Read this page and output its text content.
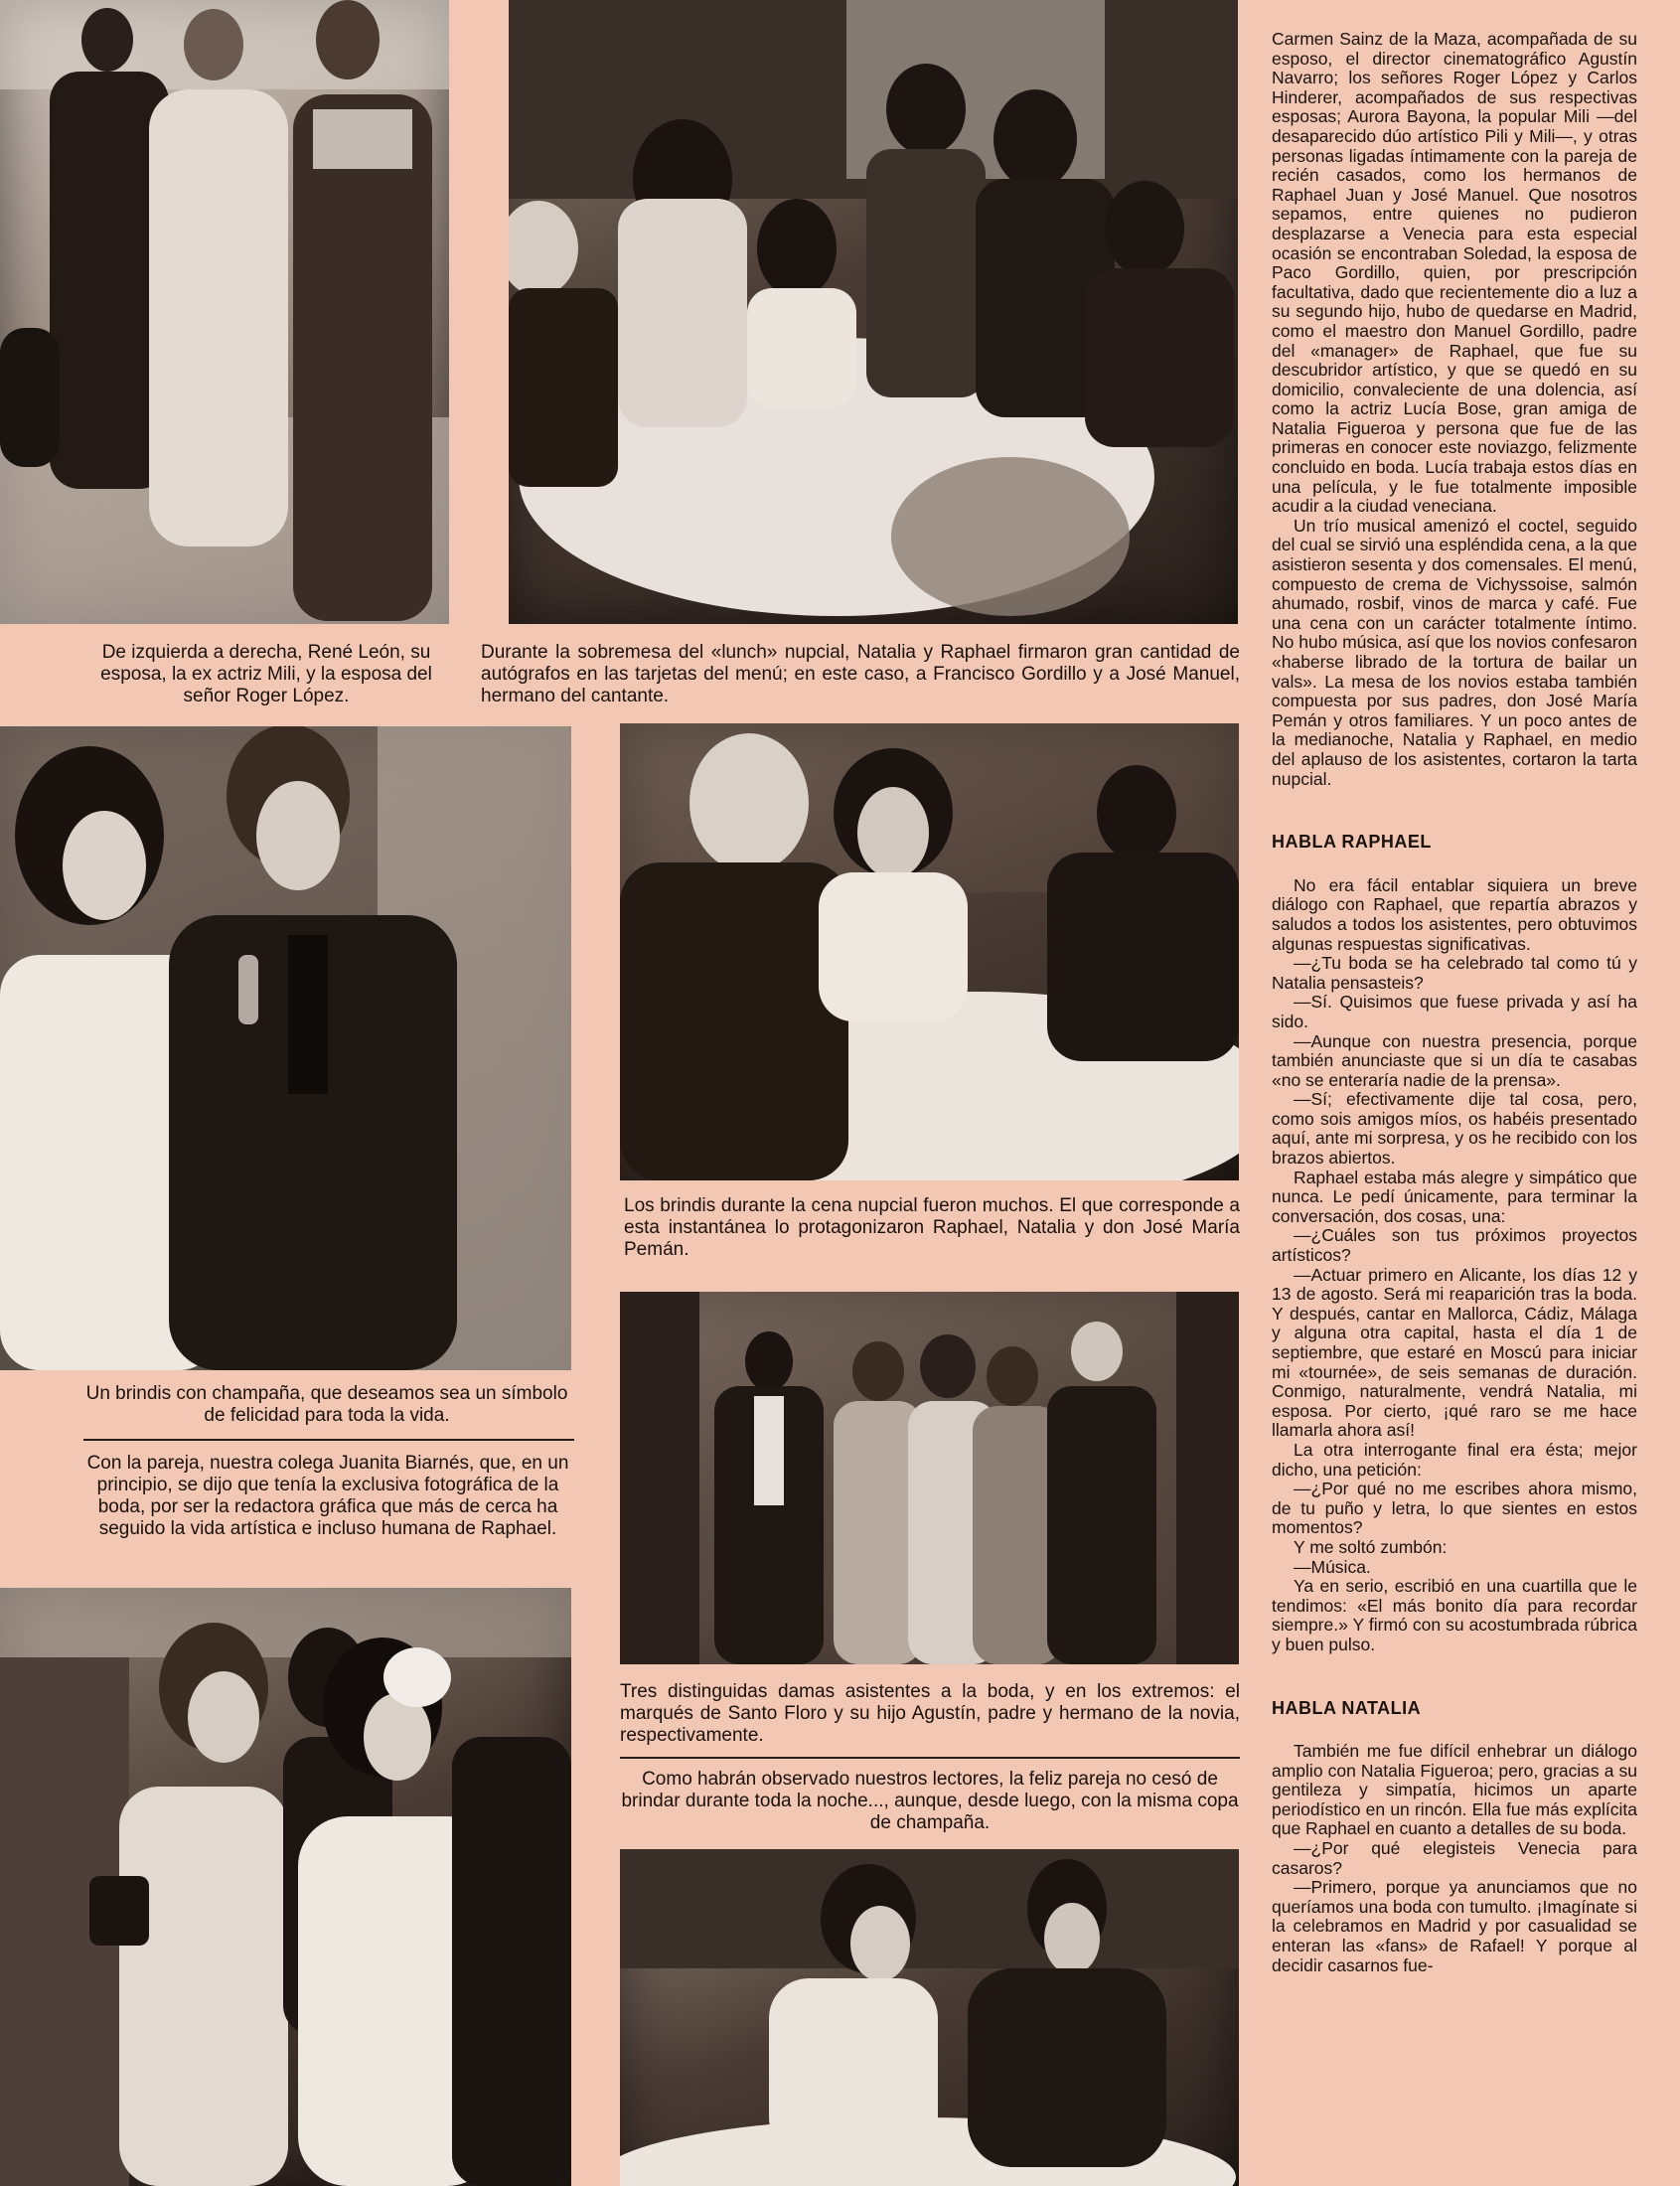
De izquierda a derecha, René León, su esposa, la ex actriz Mili, y la esposa del señor Roger López.
Durante la sobremesa del «lunch» nupcial, Natalia y Raphael firmaron gran cantidad de autógrafos en las tarjetas del menú; en este caso, a Francisco Gordillo y a José Manuel, hermano del cantante.
Un brindis con champaña, que deseamos sea un símbolo de felicidad para toda la vida.
Con la pareja, nuestra colega Juanita Biarnés, que, en un principio, se dijo que tenía la exclusiva fotográfica de la boda, por ser la redactora gráfica que más de cerca ha seguido la vida artística e incluso humana de Raphael.
Los brindis durante la cena nupcial fueron muchos. El que corresponde a esta instantánea lo protagonizaron Raphael, Natalia y don José María Pemán.
Tres distinguidas damas asistentes a la boda, y en los extremos: el marqués de Santo Floro y su hijo Agustín, padre y hermano de la novia, respectivamente.
Como habrán observado nuestros lectores, la feliz pareja no cesó de brindar durante toda la noche..., aunque, desde luego, con la misma copa de champaña.

Carmen Sainz de la Maza, acompañada de su esposo, el director cinematográfico Agustín Navarro; los señores Roger López y Carlos Hinderer, acompañados de sus respectivas esposas; Aurora Bayona, la popular Mili —del desaparecido dúo artístico Pili y Mili—, y otras personas ligadas íntimamente con la pareja de recién casados, como los hermanos de Raphael Juan y José Manuel. Que nosotros sepamos, entre quienes no pudieron desplazarse a Venecia para esta especial ocasión se encontraban Soledad, la esposa de Paco Gordillo, quien, por prescripción facultativa, dado que recientemente dio a luz a su segundo hijo, hubo de quedarse en Madrid, como el maestro don Manuel Gordillo, padre del «manager» de Raphael, que fue su descubridor artístico, y que se quedó en su domicilio, convaleciente de una dolencia, así como la actriz Lucía Bose, gran amiga de Natalia Figueroa y persona que fue de las primeras en conocer este noviazgo, felizmente concluido en boda. Lucía trabaja estos días en una película, y le fue totalmente imposible acudir a la ciudad veneciana.

Un trío musical amenizó el coctel, seguido del cual se sirvió una espléndida cena, a la que asistieron sesenta y dos comensales. El menú, compuesto de crema de Vichyssoise, salmón ahumado, rosbif, vinos de marca y café. Fue una cena con un carácter totalmente íntimo. No hubo música, así que los novios confesaron «haberse librado de la tortura de bailar un vals». La mesa de los novios estaba también compuesta por sus padres, don José María Pemán y otros familiares. Y un poco antes de la medianoche, Natalia y Raphael, en medio del aplauso de los asistentes, cortaron la tarta nupcial.

HABLA RAPHAEL

No era fácil entablar siquiera un breve diálogo con Raphael, que repartía abrazos y saludos a todos los asistentes, pero obtuvimos algunas respuestas significativas.

—¿Tu boda se ha celebrado tal como tú y Natalia pensasteis?

—Sí. Quisimos que fuese privada y así ha sido.

—Aunque con nuestra presencia, porque también anunciaste que si un día te casabas «no se enteraría nadie de la prensa».

—Sí; efectivamente dije tal cosa, pero, como sois amigos míos, os habéis presentado aquí, ante mi sorpresa, y os he recibido con los brazos abiertos.

Raphael estaba más alegre y simpático que nunca. Le pedí únicamente, para terminar la conversación, dos cosas, una:

—¿Cuáles son tus próximos proyectos artísticos?

—Actuar primero en Alicante, los días 12 y 13 de agosto. Será mi reaparición tras la boda. Y después, cantar en Mallorca, Cádiz, Málaga y alguna otra capital, hasta el día 1 de septiembre, que estaré en Moscú para iniciar mi «tournée», de seis semanas de duración. Conmigo, naturalmente, vendrá Natalia, mi esposa. Por cierto, ¡qué raro se me hace llamarla ahora así!

La otra interrogante final era ésta; mejor dicho, una petición:

—¿Por qué no me escribes ahora mismo, de tu puño y letra, lo que sientes en estos momentos?

Y me soltó zumbón:

—Música.

Ya en serio, escribió en una cuartilla que le tendimos: «El más bonito día para recordar siempre.» Y firmó con su acostumbrada rúbrica y buen pulso.

HABLA NATALIA

También me fue difícil enhebrar un diálogo amplio con Natalia Figueroa; pero, gracias a su gentileza y simpatía, hicimos un aparte periodístico en un rincón. Ella fue más explícita que Raphael en cuanto a detalles de su boda.

—¿Por qué elegisteis Venecia para casaros?

—Primero, porque ya anunciamos que no queríamos una boda con tumulto. ¡Imagínate si la celebramos en Madrid y por casualidad se enteran las «fans» de Rafael! Y porque al decidir casarnos fue-
